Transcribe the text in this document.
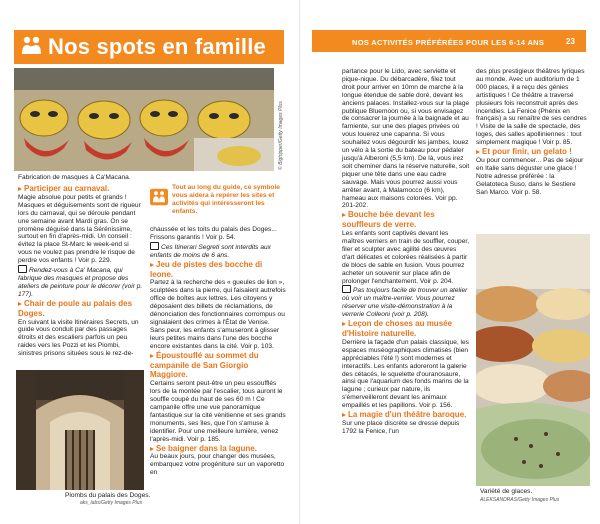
Nos spots en famille
© Bigtripper/Getty Images Plus
Fabrication de masques à Ca'Macana.
Tout au long du guide, ce symbole vous aidera à repérer les sites et activités qui intéresseront les enfants.

Participer au carnaval.

Magie absolue pour petits et grands ! Masques et déguisements sont de rigueur lors du carnaval, qui se déroule pendant une semaine avant Mardi gras. On se promène déguisé dans la Sérénissime, surtout en fin d'après-midi. Un conseil : évitez la place St-Marc le week-end si vous ne voulez pas prendre le risque de perdre vos enfants ! Voir p. 229.

Rendez-vous à Ca' Macana, qui fabrique des masques et propose des ateliers de peinture pour le décorer (voir p. 177).

Chair de poule au palais des Doges.

En suivant la visite Itinéraires Secrets, un guide vous conduit par des passages étroits et des escaliers parfois un peu raides vers les Pozzi et les Piombi, sinistres prisons situées sous le rez-de-

chaussée et les toits du palais des Doges... Frissons garantis ! Voir p. 54.

Ces Itinerari Segreti sont interdits aux enfants de moins de 6 ans.

Jeu de pistes des bocche di leone.

Partez à la recherche des « gueules de lion », sculptées dans la pierre, qui faisaient autrefois office de boîtes aux lettres. Les citoyens y déposaient des billets de réclamations, de dénonciation des fonctionnaires corrompus ou signalaient des crimes à l'État de Venise. Sans peur, les enfants s'amuseront à glisser leurs petites mains dans l'une des bocche encore existantes dans la cité. Voir p. 103.

Époustouflé au sommet du campanile de San Giorgio Maggiore.

Certains seront peut-être un peu essoufflés lors de la montée par l'escalier, tous auront le souffle coupé du haut de ses 60 m ! Ce campanile offre une vue panoramique fantastique sur la cité vénitienne et ses grands monuments, ses îles, que l'on s'amuse à identifier. Pour une meilleure lumière, venez l'après-midi. Voir p. 185.

Se baigner dans la lagune.

Au beaux jours, pour changer des musées, embarquez votre progéniture sur un vaporetto en

Plombs du palais des Doges.
aks_labs/Getty Images Plus
NOS ACTIVITÉS PRÉFÉRÉES POUR LES 6-14 ANS	23

partance pour le Lido, avec serviette et pique-nique. Du débarcadère, filez tout droit pour arriver en 10mn de marche à la longue étendue de sable doré, devant les anciens palaces. Installez-vous sur la plage publique Bluemoon ou, si vous envisagez de consacrer la journée à la baignade et au farniente, sur une des plages privées où vous louerez une capanna. Si vous souhaitez vous dégourdir les jambes, louez un vélo à la sortie du bateau pour pédaler jusqu'à Alberoni (5,5 km). De là, vous irez soit cheminer dans la réserve naturelle, soit piquer une tête dans une eau cadre sauvage. Mais vous pourrez aussi vous arrêter avant, à Malamocco (6 km), hameau aux maisons colorées. Voir pp. 201-202.

Bouche bée devant les souffleurs de verre.

Les enfants sont captivés devant les maîtres verriers en train de souffler, couper, filer et sculpter avec agilité des œuvres d'art délicates et colorées réalisées à partir de blocs de sable en fusion. Vous pourrez acheter un souvenir sur place afin de prolonger l'enchantement. Voir p. 204.

Pas toujours facile de trouver un atelier où voir un maître-verrier. Vous pourrez réserver une visite-démonstration à la verrerie Colleoni (voir p. 208).

Leçon de choses au musée d'Histoire naturelle.

Derrière la façade d'un palais classique, les espaces muséographiques climatisés (bien appréciables l'été !) sont modernes et interactifs. Les enfants adoreront la galerie des cétacés, le squelette d'ouranosaure, ainsi que l'aquarium des fonds marins de la lagune ; curieux par nature, ils s'émerveilleront devant les animaux empaillés et les papillons. Voir p. 156.

La magie d'un théâtre baroque.

Sur une place discrète se dresse depuis 1792 la Fenice, l'un

des plus prestigieux théâtres lyriques au monde. Avec un auditorium de 1 000 places, il a reçu des génies artistiques ! Ce théâtre a traversé plusieurs fois reconstruit après des incendies. La Fenice (Phénix en français) a su renaître de ses cendres ! Visite de la salle de spectacle, des loges, des salles apolliniennes : tout simplement magique ! Voir p. 85.

Et pour finir, un gelato !

Ou pour commencer... Pas de séjour en Italie sans déguster une glace ! Notre adresse préférée : la Gelatoteca Suso, dans le Sestiere San Marco. Voir p. 58.

Variété de glaces.
ALEKSANDRAS/Getty Images Plus
